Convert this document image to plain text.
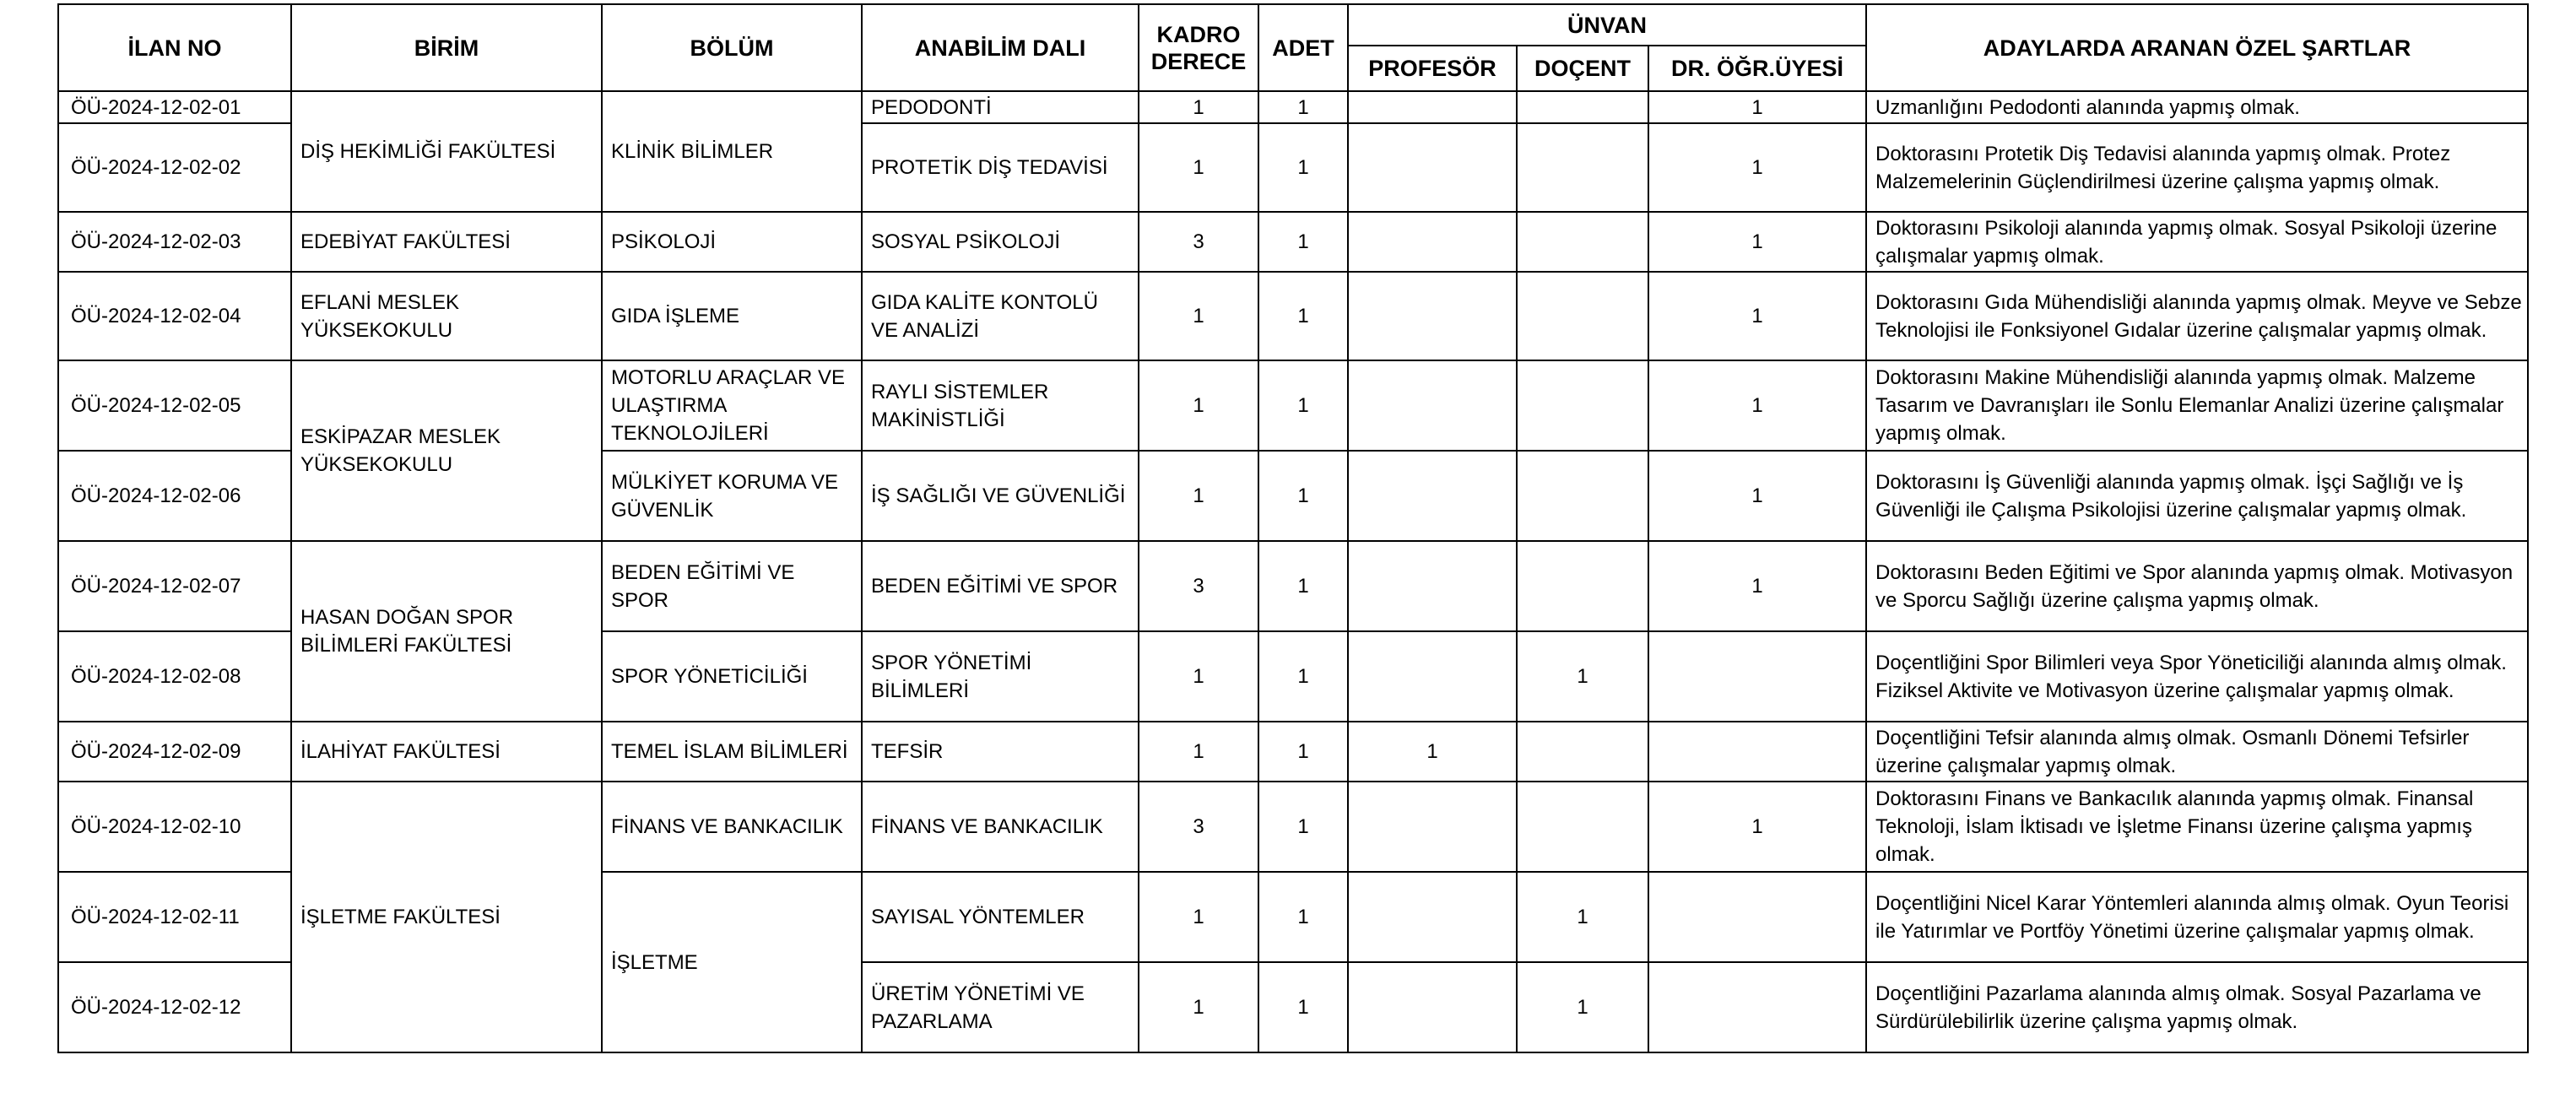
İLAN NO	BİRİM	BÖLÜM	ANABİLİM DALI	KADRO DERECE	ADET	ÜNVAN			ADAYLARDA ARANAN ÖZEL ŞARTLAR
						PROFESÖR	DOÇENT	DR. ÖĞR.ÜYESİ	
ÖÜ-2024-12-02-01	DİŞ HEKİMLİĞİ FAKÜLTESİ	KLİNİK BİLİMLER	PEDODONTİ	1	1			1	Uzmanlığını Pedodonti alanında yapmış olmak.
ÖÜ-2024-12-02-02			PROTETİK DİŞ TEDAVİSİ	1	1			1	Doktorasını Protetik Diş Tedavisi alanında yapmış olmak. Protez Malzemelerinin Güçlendirilmesi üzerine çalışma yapmış olmak.
ÖÜ-2024-12-02-03	EDEBİYAT FAKÜLTESİ	PSİKOLOJİ	SOSYAL PSİKOLOJİ	3	1			1	Doktorasını Psikoloji alanında yapmış olmak. Sosyal Psikoloji üzerine çalışmalar yapmış olmak.
ÖÜ-2024-12-02-04	EFLANİ MESLEK YÜKSEKOKULU	GIDA İŞLEME	GIDA KALİTE KONTOLÜ VE ANALİZİ	1	1			1	Doktorasını Gıda Mühendisliği alanında yapmış olmak. Meyve ve Sebze Teknolojisi ile Fonksiyonel Gıdalar üzerine çalışmalar yapmış olmak.
ÖÜ-2024-12-02-05	ESKİPAZAR MESLEK YÜKSEKOKULU	MOTORLU ARAÇLAR VE ULAŞTIRMA TEKNOLOJİLERİ	RAYLI SİSTEMLER MAKİNİSTLİĞİ	1	1			1	Doktorasını Makine Mühendisliği alanında yapmış olmak. Malzeme Tasarım ve Davranışları ile Sonlu Elemanlar Analizi üzerine çalışmalar yapmış olmak.
ÖÜ-2024-12-02-06		MÜLKİYET KORUMA VE GÜVENLİK	İŞ SAĞLIĞI VE GÜVENLİĞİ	1	1			1	Doktorasını İş Güvenliği alanında yapmış olmak. İşçi Sağlığı ve İş Güvenliği ile Çalışma Psikolojisi üzerine çalışmalar yapmış olmak.
ÖÜ-2024-12-02-07	HASAN DOĞAN SPOR BİLİMLERİ FAKÜLTESİ	BEDEN EĞİTİMİ VE SPOR	BEDEN EĞİTİMİ VE SPOR	3	1			1	Doktorasını Beden Eğitimi ve Spor alanında yapmış olmak. Motivasyon ve Sporcu Sağlığı üzerine çalışma yapmış olmak.
ÖÜ-2024-12-02-08		SPOR YÖNETİCİLİĞİ	SPOR YÖNETİMİ BİLİMLERİ	1	1		1		Doçentliğini Spor Bilimleri veya Spor Yöneticiliği alanında almış olmak. Fiziksel Aktivite ve Motivasyon üzerine çalışmalar yapmış olmak.
ÖÜ-2024-12-02-09	İLAHİYAT FAKÜLTESİ	TEMEL İSLAM BİLİMLERİ	TEFSİR	1	1	1			Doçentliğini Tefsir alanında almış olmak. Osmanlı Dönemi Tefsirler üzerine çalışmalar yapmış olmak.
ÖÜ-2024-12-02-10	İŞLETME FAKÜLTESİ	FİNANS VE BANKACILIK	FİNANS VE BANKACILIK	3	1			1	Doktorasını Finans ve Bankacılık alanında yapmış olmak. Finansal Teknoloji, İslam İktisadı ve İşletme Finansı üzerine çalışma yapmış olmak.
ÖÜ-2024-12-02-11		İŞLETME	SAYISAL YÖNTEMLER	1	1		1		Doçentliğini Nicel Karar Yöntemleri alanında almış olmak. Oyun Teorisi ile Yatırımlar ve Portföy Yönetimi üzerine çalışmalar yapmış olmak.
ÖÜ-2024-12-02-12			ÜRETİM YÖNETİMİ VE PAZARLAMA	1	1		1		Doçentliğini Pazarlama alanında almış olmak. Sosyal Pazarlama ve Sürdürülebilirlik üzerine çalışma yapmış olmak.
